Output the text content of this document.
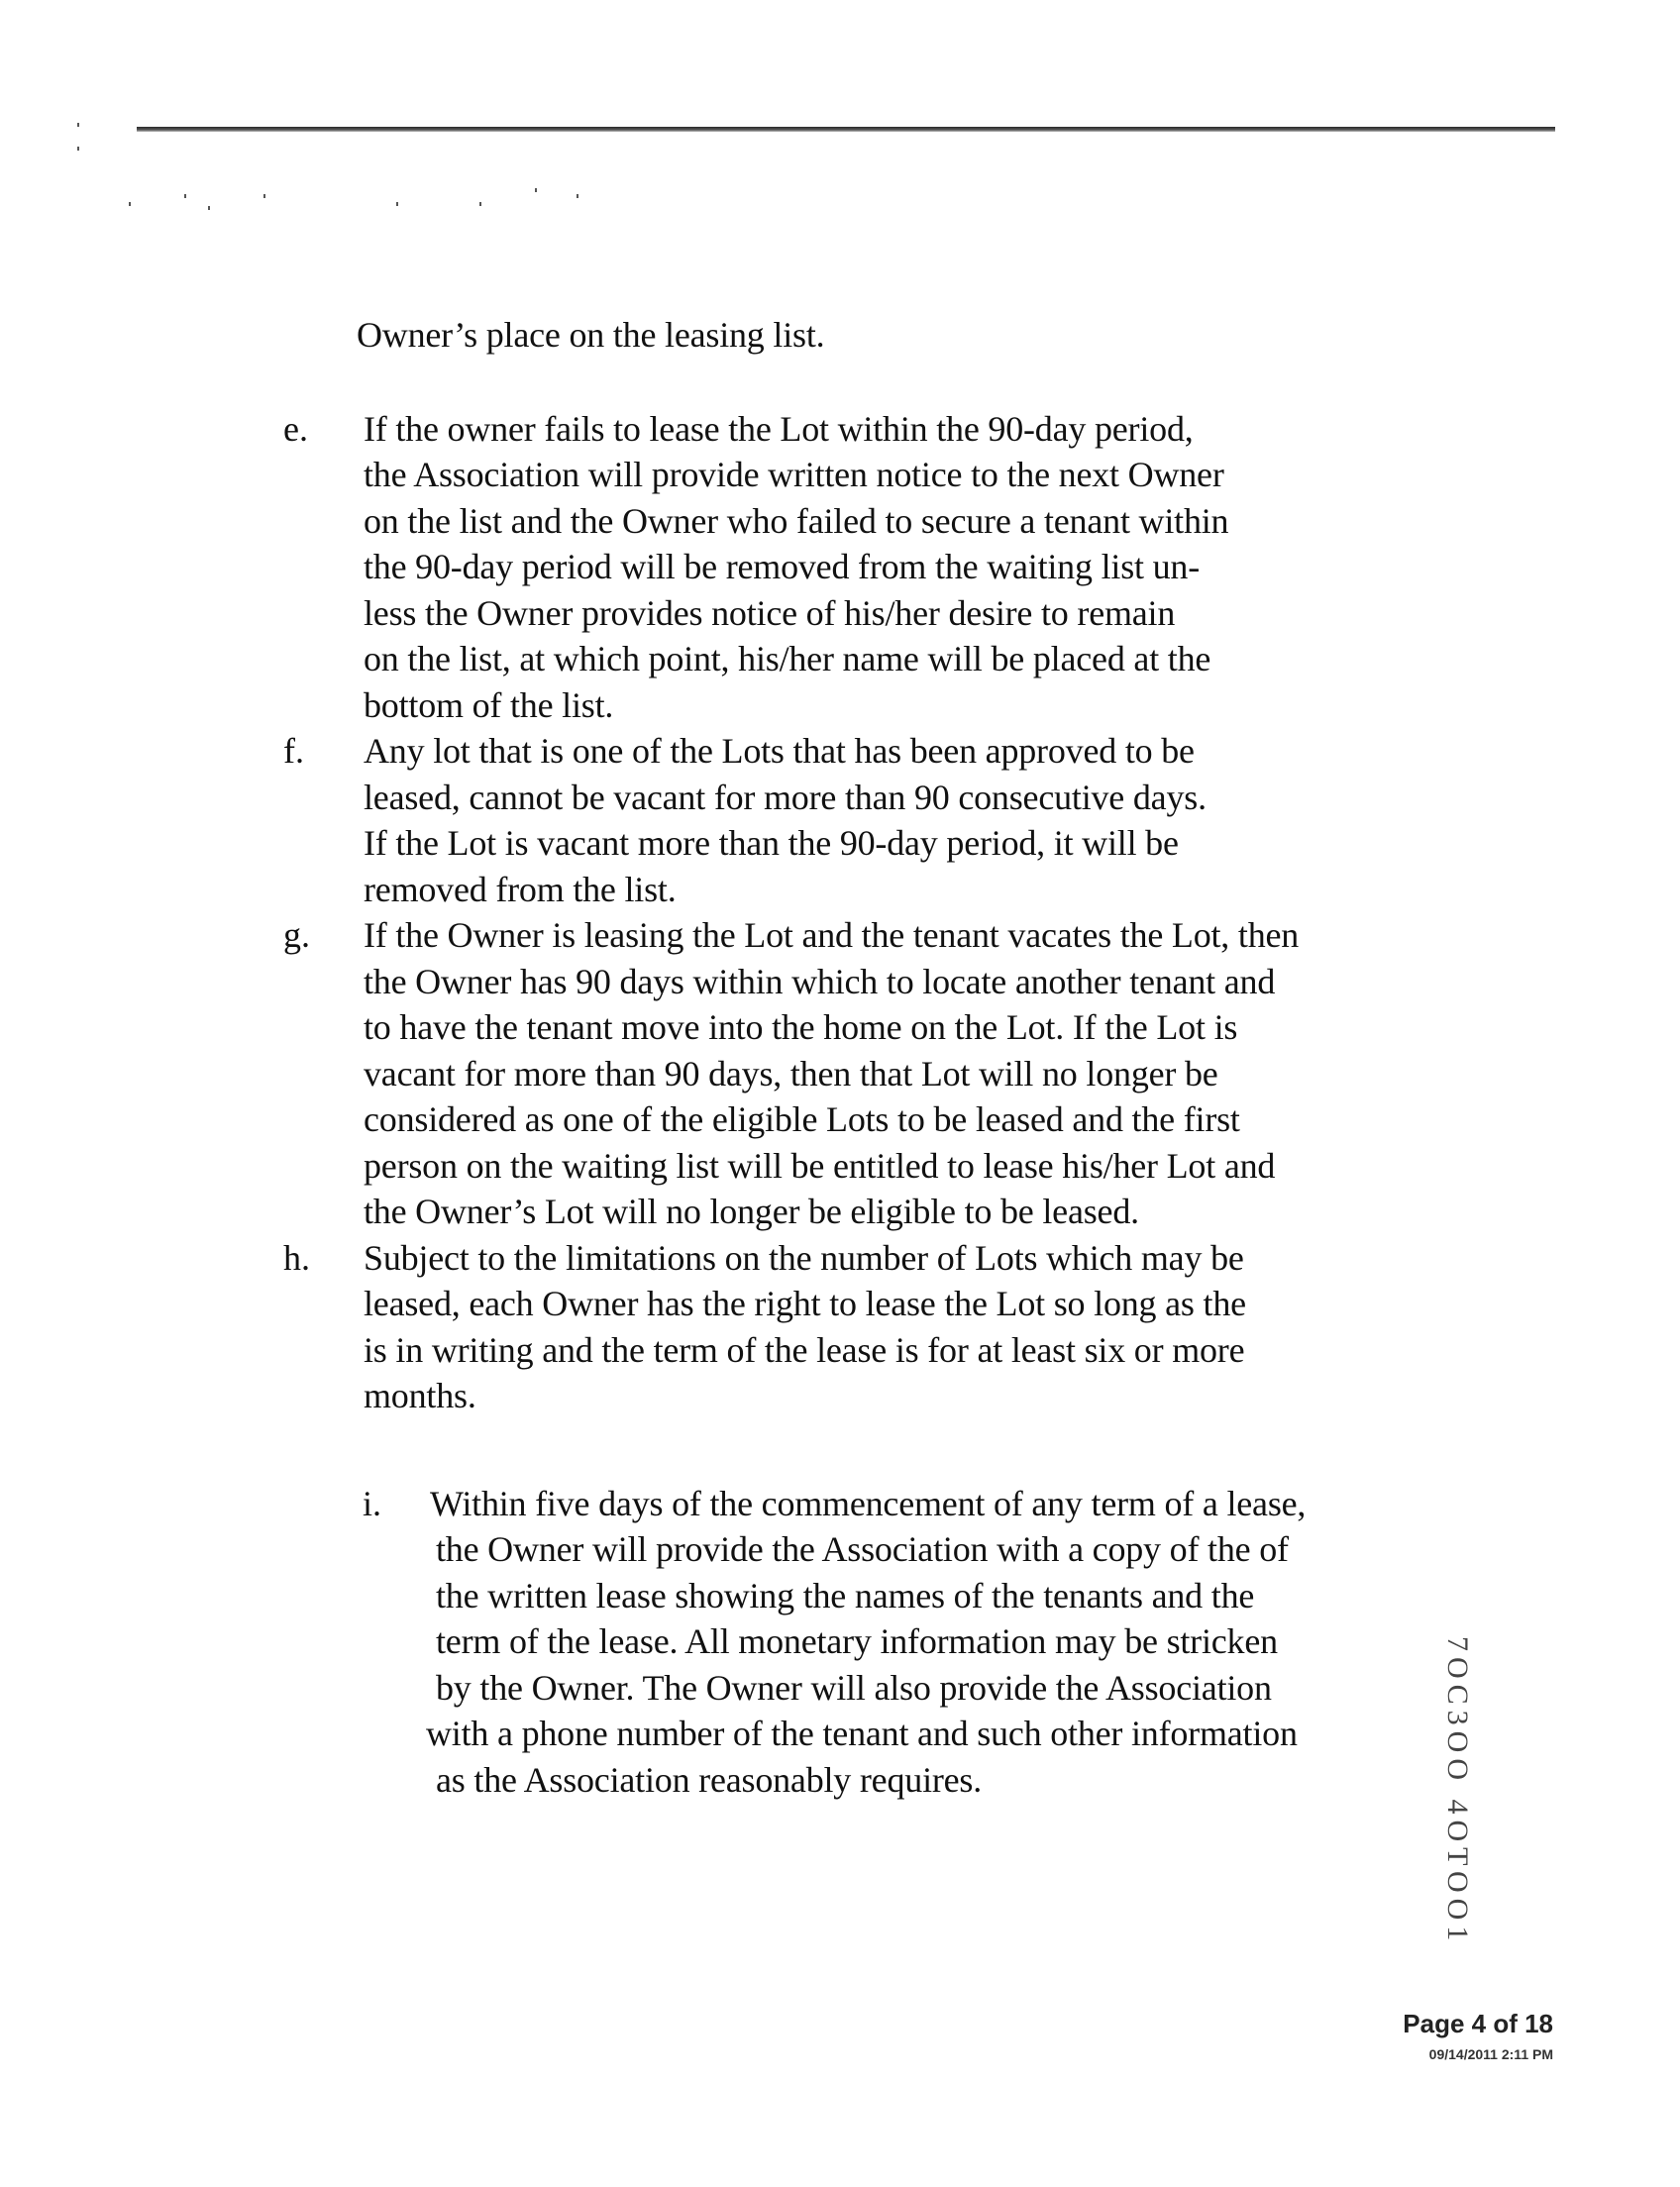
Owner’s place on the leasing list.
e. If the owner fails to lease the Lot within the 90-day period,
the Association will provide written notice to the next Owner
on the list and the Owner who failed to secure a tenant within
the 90-day period will be removed from the waiting list un-
less the Owner provides notice of his/her desire to remain
on the list, at which point, his/her name will be placed at the
bottom of the list.
f. Any lot that is one of the Lots that has been approved to be
leased, cannot be vacant for more than 90 consecutive days.
If the Lot is vacant more than the 90-day period, it will be
removed from the list.
g. If the Owner is leasing the Lot and the tenant vacates the Lot, then
the Owner has 90 days within which to locate another tenant and
to have the tenant move into the home on the Lot. If the Lot is
vacant for more than 90 days, then that Lot will no longer be
considered as one of the eligible Lots to be leased and the first
person on the waiting list will be entitled to lease his/her Lot and
the Owner’s Lot will no longer be eligible to be leased.
h. Subject to the limitations on the number of Lots which may be
leased, each Owner has the right to lease the Lot so long as the
is in writing and the term of the lease is for at least six or more
months.
i. Within five days of the commencement of any term of a lease,
the Owner will provide the Association with a copy of the of
the written lease showing the names of the tenants and the
term of the lease. All monetary information may be stricken
by the Owner. The Owner will also provide the Association
with a phone number of the tenant and such other information
as the Association reasonably requires.	7OC3OO 4OTOO1
Page 4 of 18
09/14/2011 2:11 PM
